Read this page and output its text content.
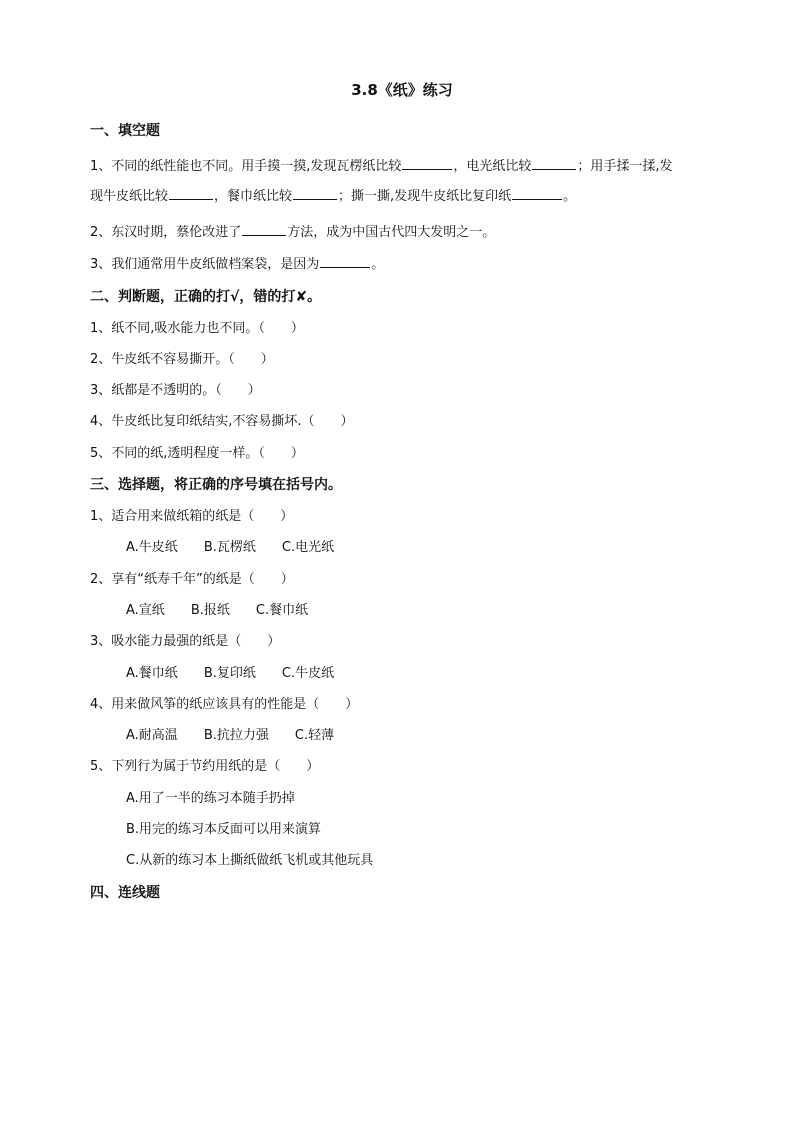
3.8《纸》练习
一、填空题
1、不同的纸性能也不同。用手摸一摸,发现瓦楞纸比较	，电光纸比较	；用手揉一揉,发
现牛皮纸比较	，餐巾纸比较	；撕一撕,发现牛皮纸比复印纸	。
2、东汉时期，蔡伦改进了	方法，成为中国古代四大发明之一。
3、我们通常用牛皮纸做档案袋，是因为	。
二、判断题，正确的打√，错的打✘。
1、纸不同,吸水能力也不同。（　　）
2、牛皮纸不容易撕开。（　　）
3、纸都是不透明的。（　　）
4、牛皮纸比复印纸结实,不容易撕坏.（　　）
5、不同的纸,透明程度一样。（　　）
三、选择题，将正确的序号填在括号内。
1、适合用来做纸箱的纸是（　　）
A.牛皮纸 B.瓦楞纸 C.电光纸
2、享有“纸寿千年”的纸是（　　）
A.宣纸 B.报纸 C.餐巾纸
3、吸水能力最强的纸是（　　）
A.餐巾纸 B.复印纸 C.牛皮纸
4、用来做风筝的纸应该具有的性能是（　　）
A.耐高温 B.抗拉力强 C.轻薄
5、下列行为属于节约用纸的是（　　）
A.用了一半的练习本随手扔掉
B.用完的练习本反面可以用来演算
C.从新的练习本上撕纸做纸飞机或其他玩具
四、连线题
